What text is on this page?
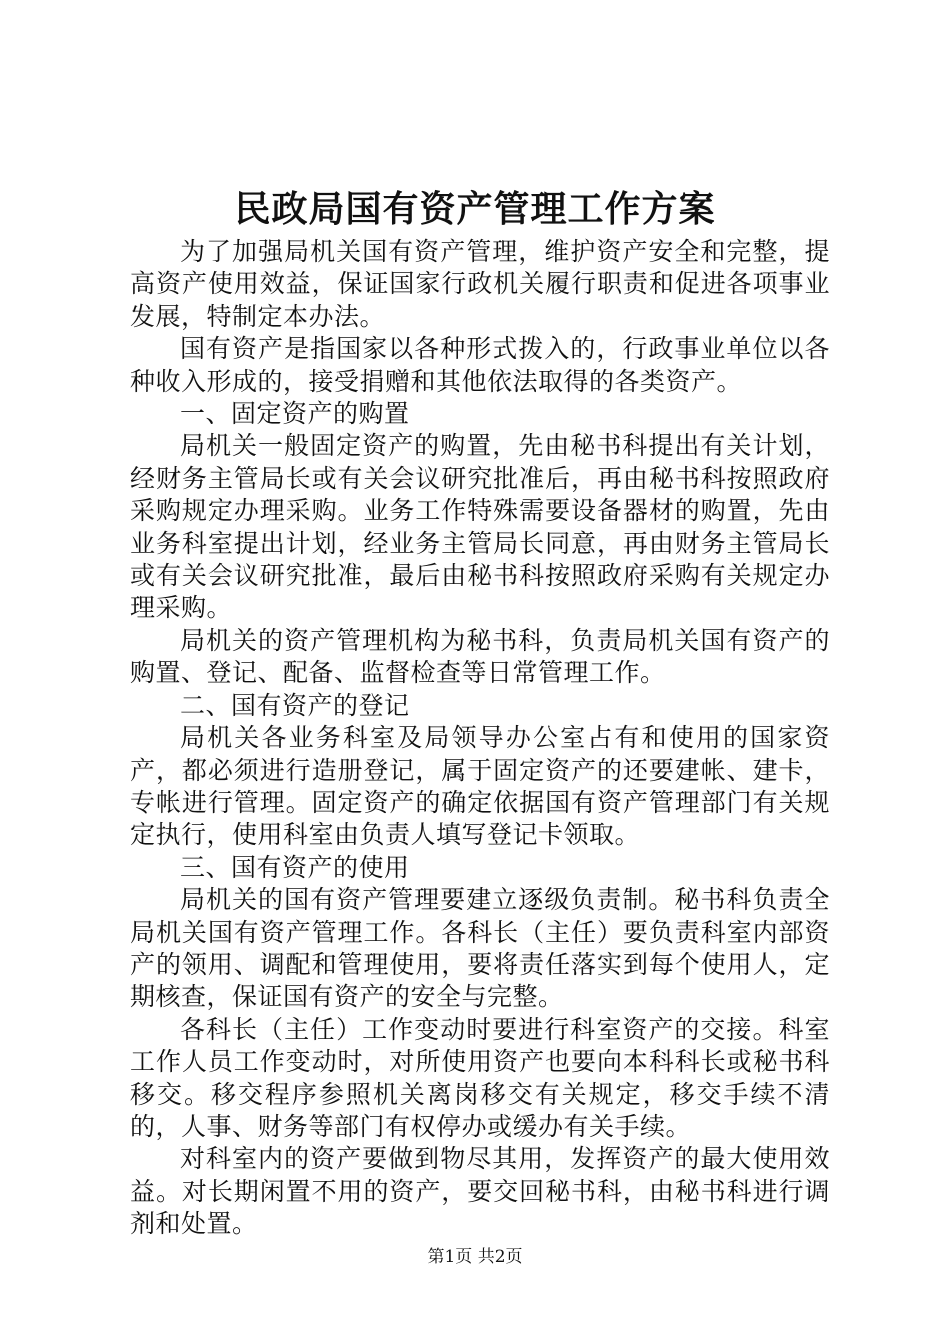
民政局国有资产管理工作方案

为了加强局机关国有资产管理，维护资产安全和完整，提高资产使用效益，保证国家行政机关履行职责和促进各项事业发展，特制定本办法。

国有资产是指国家以各种形式拨入的，行政事业单位以各种收入形成的，接受捐赠和其他依法取得的各类资产。

一、固定资产的购置

局机关一般固定资产的购置，先由秘书科提出有关计划，经财务主管局长或有关会议研究批准后，再由秘书科按照政府采购规定办理采购。业务工作特殊需要设备器材的购置，先由业务科室提出计划，经业务主管局长同意，再由财务主管局长或有关会议研究批准，最后由秘书科按照政府采购有关规定办理采购。

局机关的资产管理机构为秘书科，负责局机关国有资产的购置、登记、配备、监督检查等日常管理工作。

二、国有资产的登记

局机关各业务科室及局领导办公室占有和使用的国家资产，都必须进行造册登记，属于固定资产的还要建帐、建卡，专帐进行管理。固定资产的确定依据国有资产管理部门有关规定执行，使用科室由负责人填写登记卡领取。

三、国有资产的使用

局机关的国有资产管理要建立逐级负责制。秘书科负责全局机关国有资产管理工作。各科长（主任）要负责科室内部资产的领用、调配和管理使用，要将责任落实到每个使用人，定期核查，保证国有资产的安全与完整。

各科长（主任）工作变动时要进行科室资产的交接。科室工作人员工作变动时，对所使用资产也要向本科科长或秘书科移交。移交程序参照机关离岗移交有关规定，移交手续不清的，人事、财务等部门有权停办或缓办有关手续。

对科室内的资产要做到物尽其用，发挥资产的最大使用效益。对长期闲置不用的资产，要交回秘书科，由秘书科进行调剂和处置。

第1页 共2页
